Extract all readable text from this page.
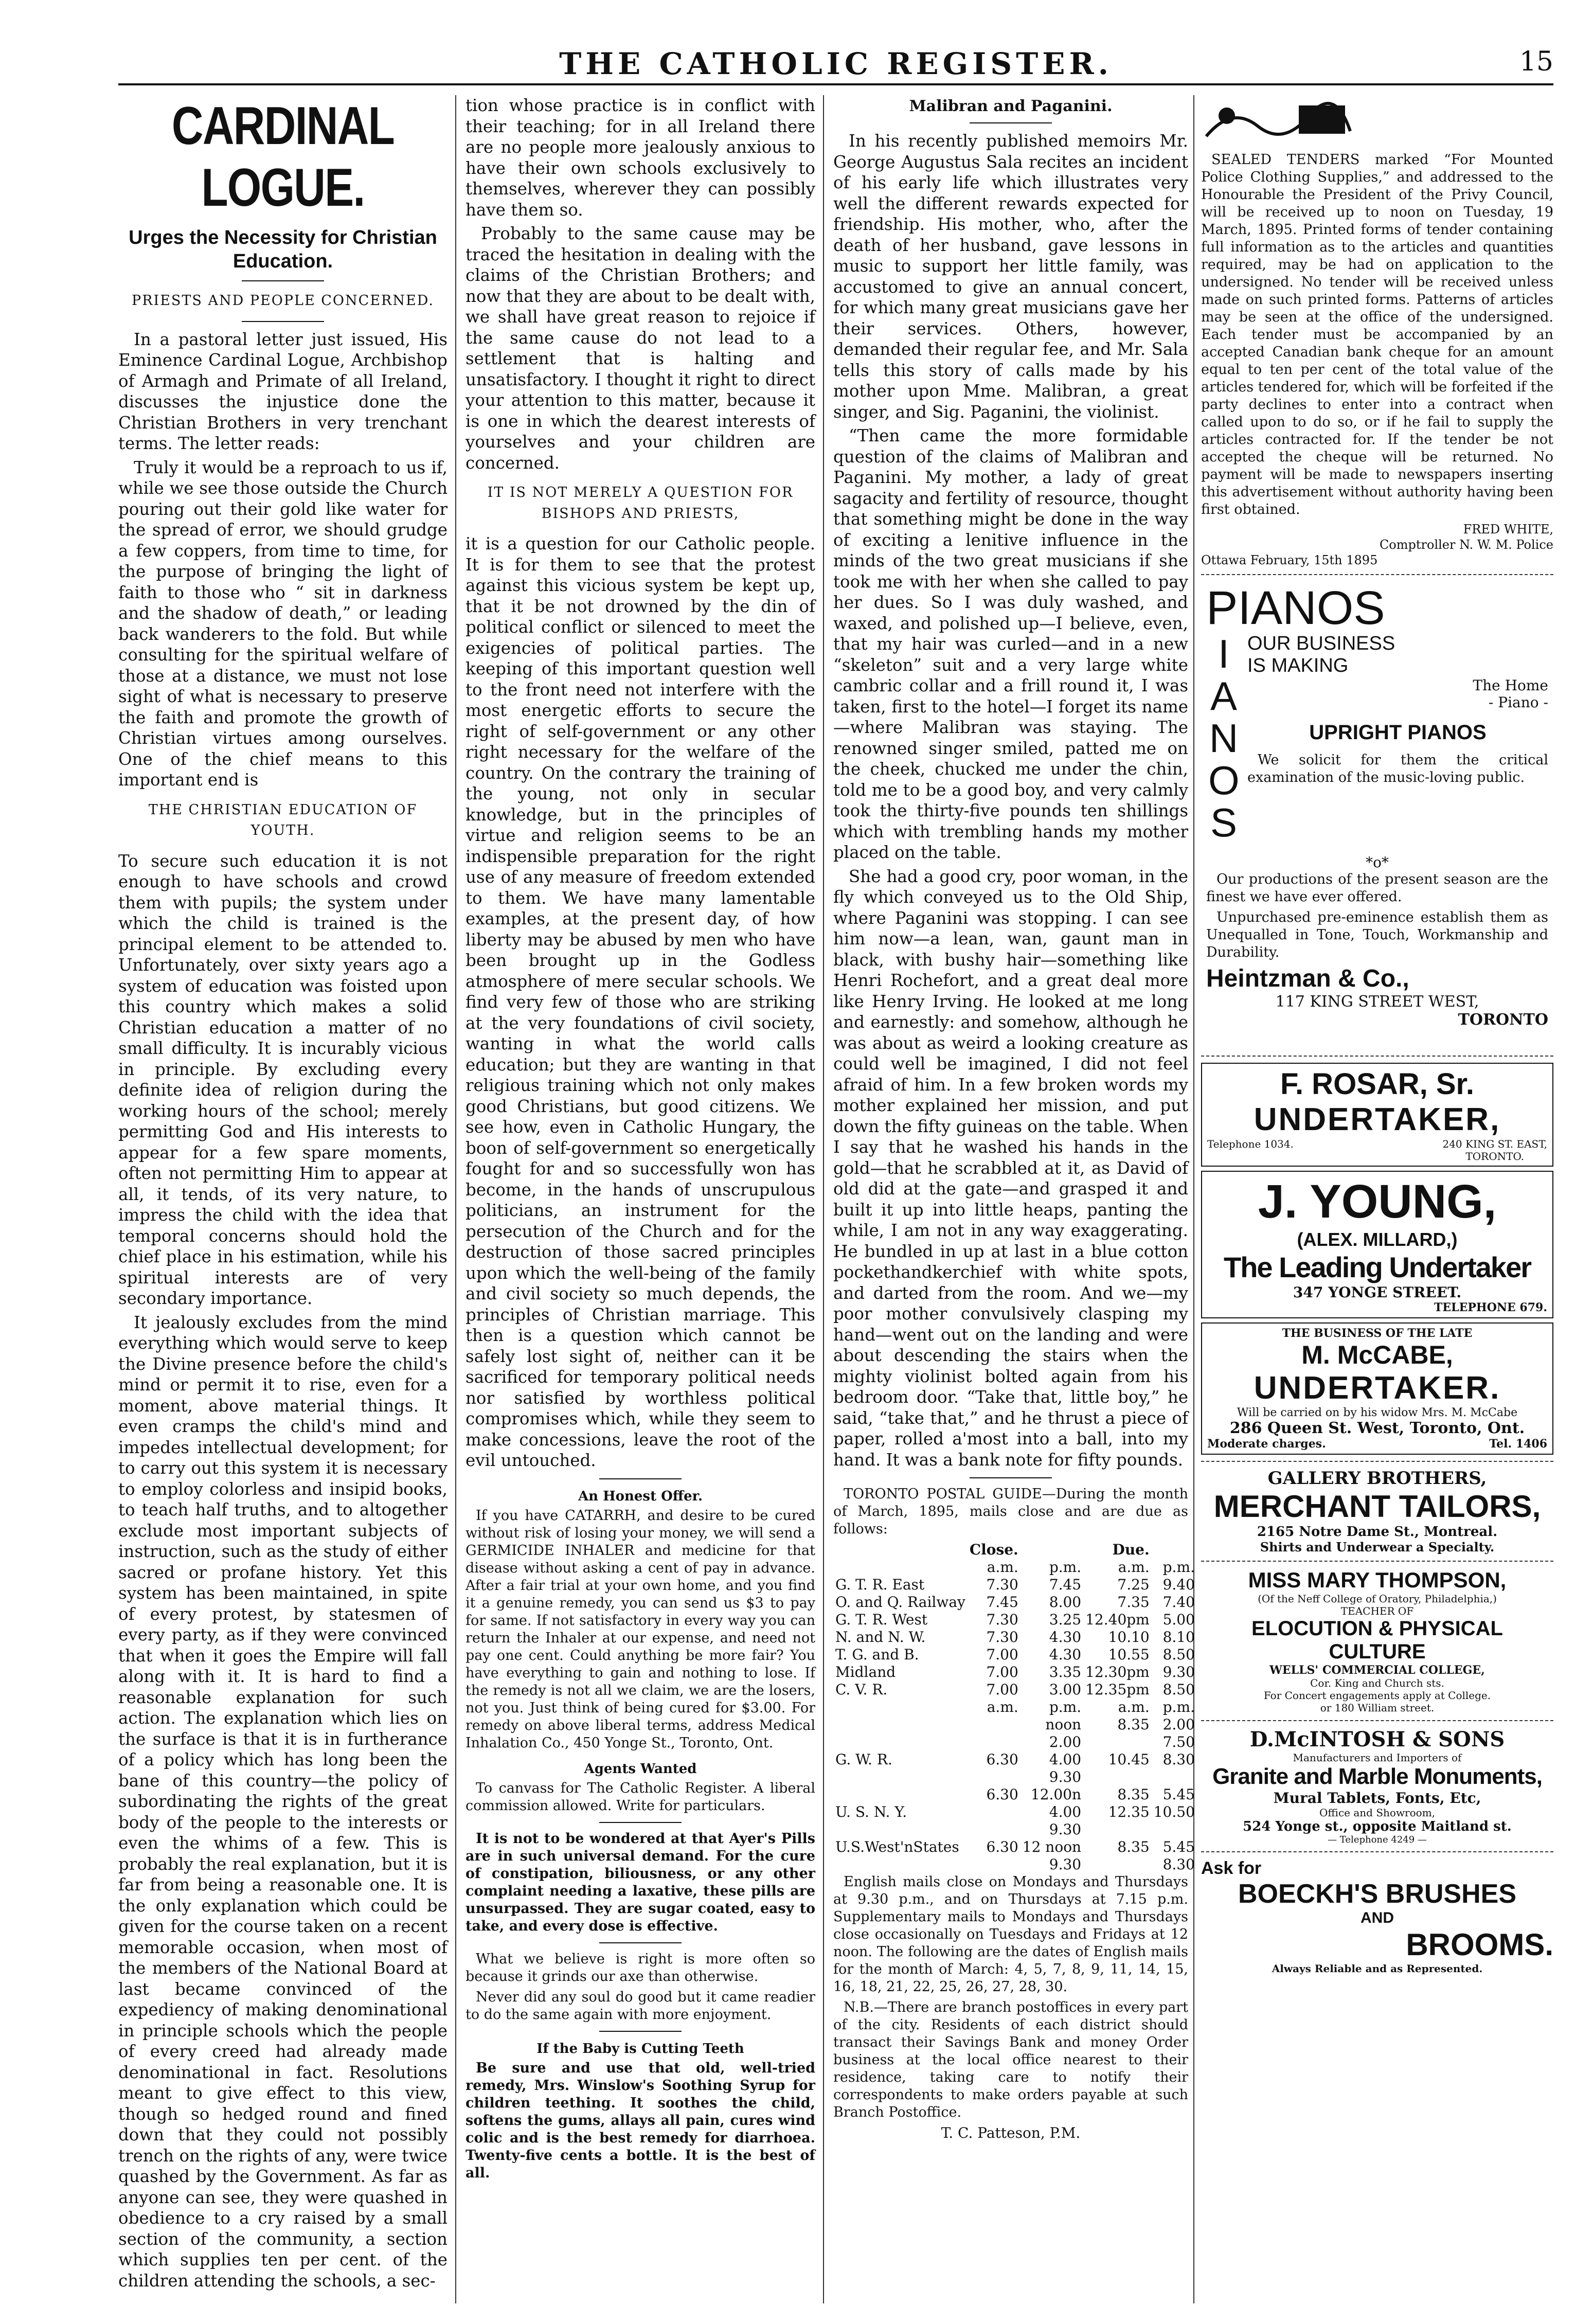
THE CATHOLIC REGISTER.	15
CARDINAL LOGUE.
Urges the Necessity for Christian Education.

PRIESTS AND PEOPLE CONCERNED.

In a pastoral letter just issued, His Eminence Cardinal Logue, Archbishop of Armagh and Primate of all Ireland, discusses the injustice done the Christian Brothers in very trenchant terms. The letter reads:

Truly it would be a reproach to us if, while we see those outside the Church pouring out their gold like water for the spread of error, we should grudge a few coppers, from time to time, for the purpose of bringing the light of faith to those who “ sit in darkness and the shadow of death,” or leading back wanderers to the fold. But while consulting for the spiritual welfare of those at a distance, we must not lose sight of what is necessary to preserve the faith and promote the growth of Christian virtues among ourselves. One of the chief means to this important end is

THE CHRISTIAN EDUCATION OF YOUTH.

To secure such education it is not enough to have schools and crowd them with pupils; the system under which the child is trained is the principal element to be attended to. Unfortunately, over sixty years ago a system of education was foisted upon this country which makes a solid Christian education a matter of no small difficulty. It is incurably vicious in principle. By excluding every definite idea of religion during the working hours of the school; merely permitting God and His interests to appear for a few spare moments, often not permitting Him to appear at all, it tends, of its very nature, to impress the child with the idea that temporal concerns should hold the chief place in his estimation, while his spiritual interests are of very secondary importance.

It jealously excludes from the mind everything which would serve to keep the Divine presence before the child's mind or permit it to rise, even for a moment, above material things. It even cramps the child's mind and impedes intellectual development; for to carry out this system it is necessary to employ colorless and insipid books, to teach half truths, and to altogether exclude most important subjects of instruction, such as the study of either sacred or profane history. Yet this system has been maintained, in spite of every protest, by statesmen of every party, as if they were convinced that when it goes the Empire will fall along with it. It is hard to find a reasonable explanation for such action. The explanation which lies on the surface is that it is in furtherance of a policy which has long been the bane of this country—the policy of subordinating the rights of the great body of the people to the interests or even the whims of a few. This is probably the real explanation, but it is far from being a reasonable one. It is the only explanation which could be given for the course taken on a recent memorable occasion, when most of the members of the National Board at last became convinced of the expediency of making denominational in principle schools which the people of every creed had already made denominational in fact. Resolutions meant to give effect to this view, though so hedged round and fined down that they could not possibly trench on the rights of any, were twice quashed by the Government. As far as anyone can see, they were quashed in obedience to a cry raised by a small section of the community, a section which supplies ten per cent. of the children attending the schools, a sec-

tion whose practice is in conflict with their teaching; for in all Ireland there are no people more jealously anxious to have their own schools exclusively to themselves, wherever they can possibly have them so.

Probably to the same cause may be traced the hesitation in dealing with the claims of the Christian Brothers; and now that they are about to be dealt with, we shall have great reason to rejoice if the same cause do not lead to a settlement that is halting and unsatisfactory. I thought it right to direct your attention to this matter, because it is one in which the dearest interests of yourselves and your children are concerned.

IT IS NOT MERELY A QUESTION FOR BISHOPS AND PRIESTS,

it is a question for our Catholic people. It is for them to see that the protest against this vicious system be kept up, that it be not drowned by the din of political conflict or silenced to meet the exigencies of political parties. The keeping of this important question well to the front need not interfere with the most energetic efforts to secure the right of self-government or any other right necessary for the welfare of the country. On the contrary the training of the young, not only in secular knowledge, but in the principles of virtue and religion seems to be an indispensible preparation for the right use of any measure of freedom extended to them. We have many lamentable examples, at the present day, of how liberty may be abused by men who have been brought up in the Godless atmosphere of mere secular schools. We find very few of those who are striking at the very foundations of civil society, wanting in what the world calls education; but they are wanting in that religious training which not only makes good Christians, but good citizens. We see how, even in Catholic Hungary, the boon of self-government so energetically fought for and so successfully won has become, in the hands of unscrupulous politicians, an instrument for the persecution of the Church and for the destruction of those sacred principles upon which the well-being of the family and civil society so much depends, the principles of Christian marriage. This then is a question which cannot be safely lost sight of, neither can it be sacrificed for temporary political needs nor satisfied by worthless political compromises which, while they seem to make concessions, leave the root of the evil untouched.

An Honest Offer.

If you have CATARRH, and desire to be cured without risk of losing your money, we will send a GERMICIDE INHALER and medicine for that disease without asking a cent of pay in advance. After a fair trial at your own home, and you find it a genuine remedy, you can send us $3 to pay for same. If not satisfactory in every way you can return the Inhaler at our expense, and need not pay one cent. Could anything be more fair? You have everything to gain and nothing to lose. If the remedy is not all we claim, we are the losers, not you. Just think of being cured for $3.00. For remedy on above liberal terms, address Medical Inhalation Co., 450 Yonge St., Toronto, Ont.

Agents Wanted

To canvass for The Catholic Register. A liberal commission allowed. Write for particulars.

It is not to be wondered at that Ayer's Pills are in such universal demand. For the cure of constipation, biliousness, or any other complaint needing a laxative, these pills are unsurpassed. They are sugar coated, easy to take, and every dose is effective.

What we believe is right is more often so because it grinds our axe than otherwise.

Never did any soul do good but it came readier to do the same again with more enjoyment.

If the Baby is Cutting Teeth

Be sure and use that old, well-tried remedy, Mrs. Winslow's Soothing Syrup for children teething. It soothes the child, softens the gums, allays all pain, cures wind colic and is the best remedy for diarrhoea. Twenty-five cents a bottle. It is the best of all.

Malibran and Paganini.

In his recently published memoirs Mr. George Augustus Sala recites an incident of his early life which illustrates very well the different rewards expected for friendship. His mother, who, after the death of her husband, gave lessons in music to support her little family, was accustomed to give an annual concert, for which many great musicians gave her their services. Others, however, demanded their regular fee, and Mr. Sala tells this story of calls made by his mother upon Mme. Malibran, a great singer, and Sig. Paganini, the violinist.

“Then came the more formidable question of the claims of Malibran and Paganini. My mother, a lady of great sagacity and fertility of resource, thought that something might be done in the way of exciting a lenitive influence in the minds of the two great musicians if she took me with her when she called to pay her dues. So I was duly washed, and waxed, and polished up—I believe, even, that my hair was curled—and in a new “skeleton” suit and a very large white cambric collar and a frill round it, I was taken, first to the hotel—I forget its name—where Malibran was staying. The renowned singer smiled, patted me on the cheek, chucked me under the chin, told me to be a good boy, and very calmly took the thirty-five pounds ten shillings which with trembling hands my mother placed on the table.

She had a good cry, poor woman, in the fly which conveyed us to the Old Ship, where Paganini was stopping. I can see him now—a lean, wan, gaunt man in black, with bushy hair—something like Henri Rochefort, and a great deal more like Henry Irving. He looked at me long and earnestly: and somehow, although he was about as weird a looking creature as could well be imagined, I did not feel afraid of him. In a few broken words my mother explained her mission, and put down the fifty guineas on the table. When I say that he washed his hands in the gold—that he scrabbled at it, as David of old did at the gate—and grasped it and built it up into little heaps, panting the while, I am not in any way exaggerating. He bundled in up at last in a blue cotton pockethandkerchief with white spots, and darted from the room. And we—my poor mother convulsively clasping my hand—went out on the landing and were about descending the stairs when the mighty violinist bolted again from his bedroom door. “Take that, little boy,” he said, “take that,” and he thrust a piece of paper, rolled a'most into a ball, into my hand. It was a bank note for fifty pounds.

TORONTO POSTAL GUIDE—During the month of March, 1895, mails close and are due as follows:

	Close.		Due.	
	a.m.	p.m.	a.m.	p.m.
G. T. R. East	7.30	7.45	7.25	9.40
O. and Q. Railway	7.45	8.00	7.35	7.40
G. T. R. West	7.30	3.25	12.40pm	5.00
N. and N. W.	7.30	4.30	10.10	8.10
T. G. and B.	7.00	4.30	10.55	8.50
Midland	7.00	3.35	12.30pm	9.30
C. V. R.	7.00	3.00	12.35pm	8.50
	a.m.	p.m.	a.m.	p.m.
		noon	8.35	2.00
		2.00		7.50
G. W. R.	6.30	4.00	10.45	8.30
		9.30		
	6.30	12.00n	8.35	5.45
U. S. N. Y.		4.00	12.35	10.50
		9.30		
U.S.West'nStates	6.30	12 noon	8.35	5.45
		9.30		8.30

English mails close on Mondays and Thursdays at 9.30 p.m., and on Thursdays at 7.15 p.m. Supplementary mails to Mondays and Thursdays close occasionally on Tuesdays and Fridays at 12 noon. The following are the dates of English mails for the month of March: 4, 5, 7, 8, 9, 11, 14, 15, 16, 18, 21, 22, 25, 26, 27, 28, 30.

N.B.—There are branch postoffices in every part of the city. Residents of each district should transact their Savings Bank and money Order business at the local office nearest to their residence, taking care to notify their correspondents to make orders payable at such Branch Postoffice.

T. C. Patteson, P.M.

SEALED TENDERS marked “For Mounted Police Clothing Supplies,” and addressed to the Honourable the President of the Privy Council, will be received up to noon on Tuesday, 19 March, 1895. Printed forms of tender containing full information as to the articles and quantities required, may be had on application to the undersigned. No tender will be received unless made on such printed forms. Patterns of articles may be seen at the office of the undersigned. Each tender must be accompanied by an accepted Canadian bank cheque for an amount equal to ten per cent of the total value of the articles tendered for, which will be forfeited if the party declines to enter into a contract when called upon to do so, or if he fail to supply the articles contracted for. If the tender be not accepted the cheque will be returned. No payment will be made to newspapers inserting this advertisement without authority having been first obtained.

FRED WHITE,
Comptroller N. W. M. Police
Ottawa February, 15th 1895
PIANOS
I
A
N
O
S
OUR BUSINESS
IS MAKING
The Home
- Piano -
UPRIGHT PIANOS

We solicit for them the critical examination of the music-loving public.

*o*

Our productions of the present season are the finest we have ever offered.

Unpurchased pre-eminence establish them as Unequalled in Tone, Touch, Workmanship and Durability.

Heintzman & Co.,
117 KING STREET WEST,
TORONTO
F. ROSAR, Sr.
UNDERTAKER,
Telephone 1034.	240 KING ST. EAST,
TORONTO.
J. YOUNG,
(ALEX. MILLARD,)
The Leading Undertaker
347 YONGE STREET.
TELEPHONE 679.
THE BUSINESS OF THE LATE
M. McCABE,
UNDERTAKER.
Will be carried on by his widow Mrs. M. McCabe
286 Queen St. West, Toronto, Ont.
Moderate charges.	Tel. 1406
GALLERY BROTHERS,
MERCHANT TAILORS,
2165 Notre Dame St., Montreal.
Shirts and Underwear a Specialty.
MISS MARY THOMPSON,
(Of the Neff College of Oratory, Philadelphia,)
TEACHER OF
ELOCUTION & PHYSICAL CULTURE
WELLS' COMMERCIAL COLLEGE,
Cor. King and Church sts.
For Concert engagements apply at College.
or 180 William street.
D.McINTOSH & SONS
Manufacturers and Importers of
Granite and Marble Monuments,
Mural Tablets, Fonts, Etc,
Office and Showroom,
524 Yonge st., opposite Maitland st.
— Telephone 4249 —
Ask for
BOECKH'S BRUSHES
AND
BROOMS.
Always Reliable and as Represented.
